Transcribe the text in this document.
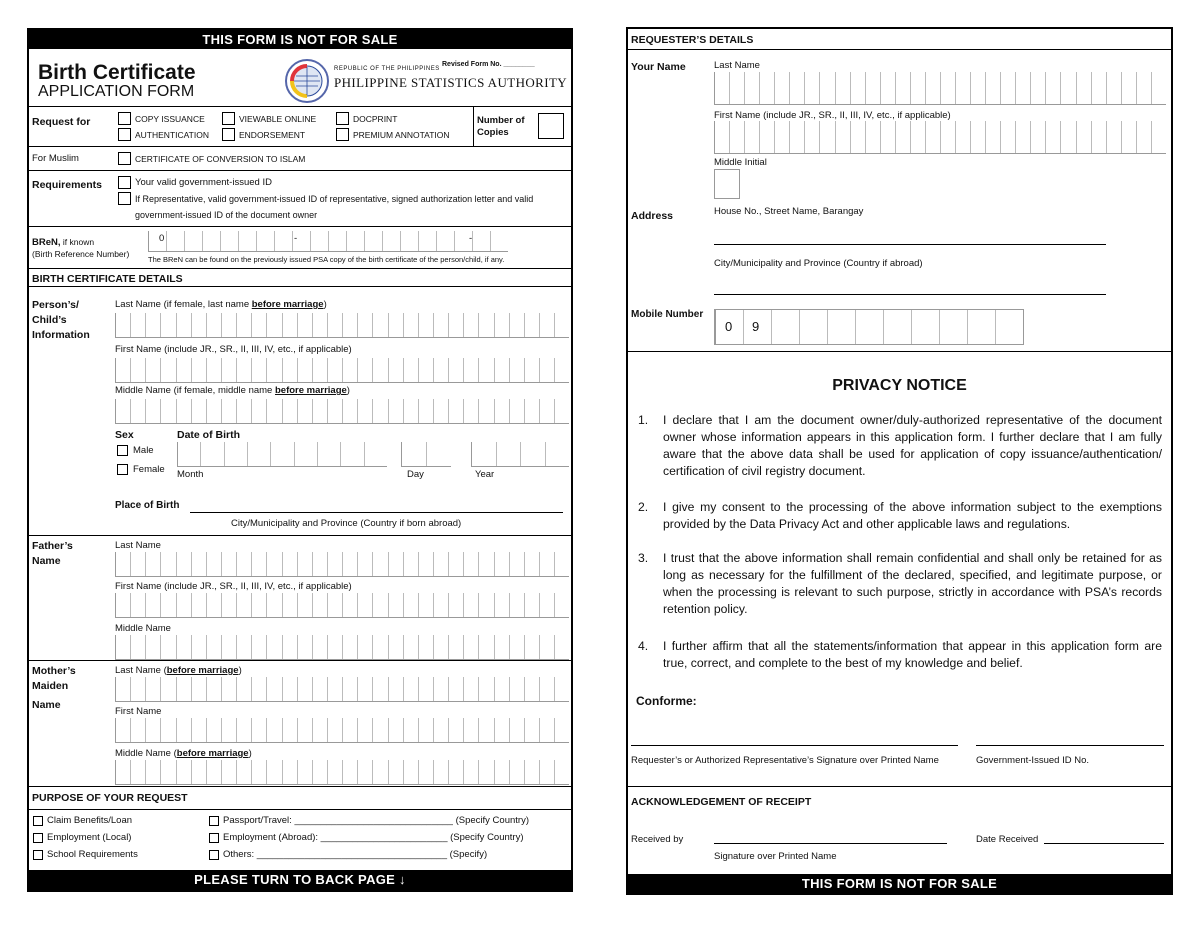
THIS FORM IS NOT FOR SALE
Birth Certificate
APPLICATION FORM
REPUBLIC OF THE PHILIPPINES
PHILIPPINE STATISTICS AUTHORITY
Revised Form No. ________
Request for	COPY ISSUANCE
AUTHENTICATION
VIEWABLE ONLINE
ENDORSEMENT
DOCPRINT
PREMIUM ANNOTATION
Number of
Copies
For Muslim	CERTIFICATE OF CONVERSION TO ISLAM
Requirements	Your valid government-issued ID
If Representative, valid government-issued ID of representative, signed authorization letter and valid
government-issued ID of the document owner
BReN, if known
(Birth Reference Number)
0	-	-
The BReN can be found on the previously issued PSA copy of the birth certificate of the person/child, if any.
BIRTH CERTIFICATE DETAILS
Person’s/
Child’s
Information
Last Name (if female, last name before marriage)
First Name (include JR., SR., II, III, IV, etc., if applicable)
Middle Name (if female, middle name before marriage)
Sex	Date of Birth
Male
Female Month	Day	Year
Place of Birth
City/Municipality and Province (Country if born abroad)
Father’s
Name
Last Name
First Name (include JR., SR., II, III, IV, etc., if applicable)
Middle Name
Mother’s
Maiden
Name
Last Name (before marriage)
First Name
Middle Name (before marriage)
PURPOSE OF YOUR REQUEST
Claim Benefits/Loan
Employment (Local)
School Requirements
Passport/Travel: ______________________________ (Specify Country)
Employment (Abroad): ________________________ (Specify Country)
Others: ____________________________________ (Specify)
PLEASE TURN TO BACK PAGE ↓
REQUESTER’S DETAILS
Your Name	Last Name
First Name (include JR., SR., II, III, IV, etc., if applicable)
Middle Initial
Address	House No., Street Name, Barangay
City/Municipality and Province (Country if abroad)
Mobile Number
0 9
PRIVACY NOTICE
1. I declare that I am the document owner/duly-authorized representative of the document owner whose information appears in this application form. I further declare that I am fully aware that the above data shall be used for application of copy issuance/authentication/ certification of civil registry document.

2. I give my consent to the processing of the above information subject to the exemptions provided by the Data Privacy Act and other applicable laws and regulations.

3. I trust that the above information shall remain confidential and shall only be retained for as long as necessary for the fulfillment of the declared, specified, and legitimate purpose, or when the processing is relevant to such purpose, strictly in accordance with PSA’s records retention policy.

4. I further affirm that all the statements/information that appear in this application form are true, correct, and complete to the best of my knowledge and belief.

Conforme:
Requester’s or Authorized Representative’s Signature over Printed Name	Government-Issued ID No.
ACKNOWLEDGEMENT OF RECEIPT
Received by
Signature over Printed Name
Date Received
THIS FORM IS NOT FOR SALE
